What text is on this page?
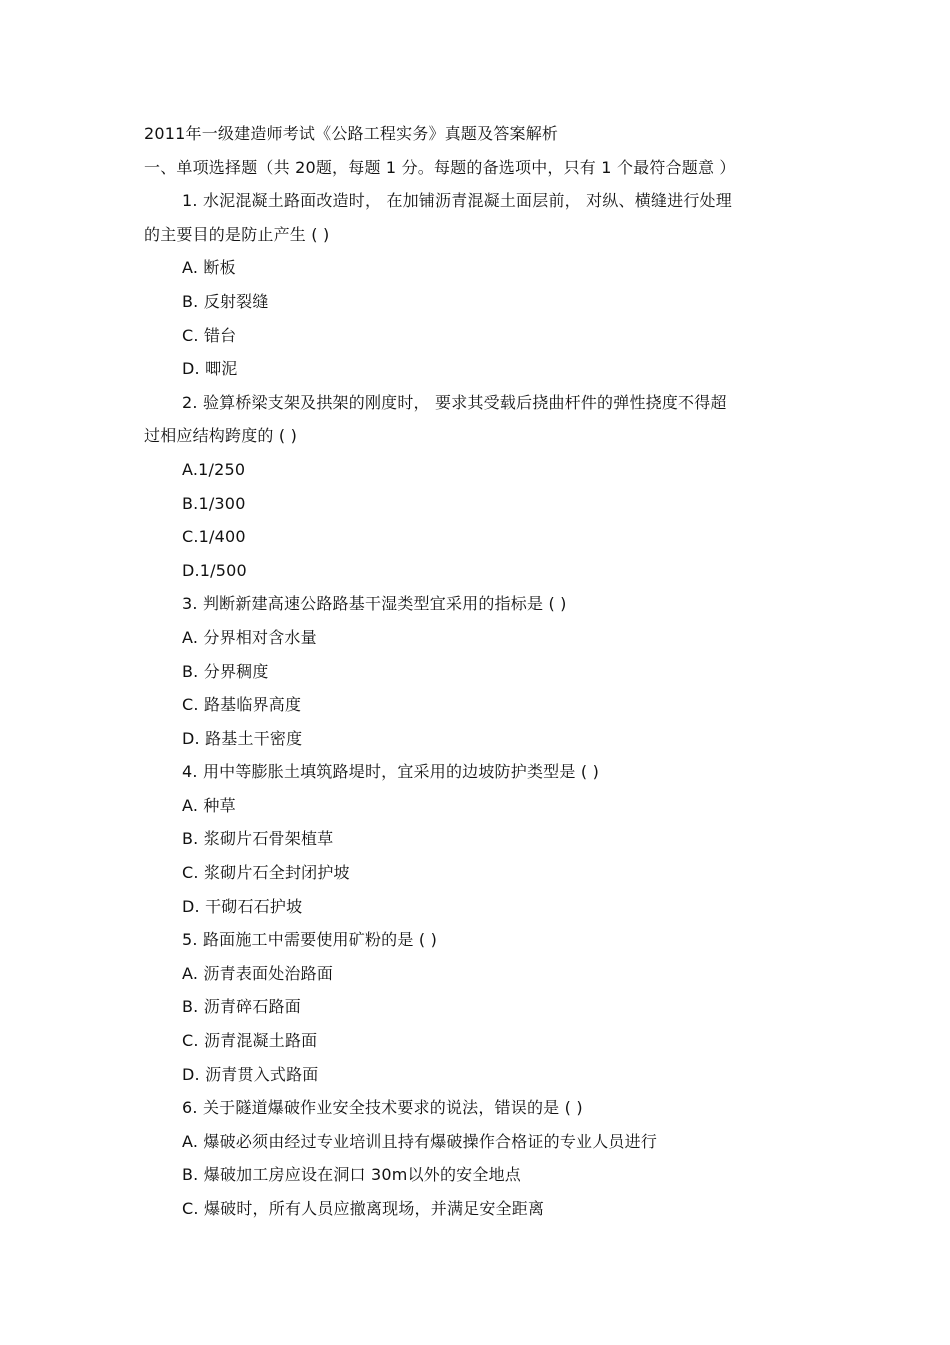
2011年一级建造师考试《公路工程实务》真题及答案解析
一、单项选择题（共 20题，每题 1 分。每题的备选项中，只有 1 个最符合题意 ）
1. 水泥混凝土路面改造时， 在加铺沥青混凝土面层前， 对纵、横缝进行处理
的主要目的是防止产生 ( )
A. 断板
B. 反射裂缝
C. 错台
D. 唧泥
2. 验算桥梁支架及拱架的刚度时， 要求其受载后挠曲杆件的弹性挠度不得超
过相应结构跨度的 ( )
A.1/250
B.1/300
C.1/400
D.1/500
3. 判断新建高速公路路基干湿类型宜采用的指标是 ( )
A. 分界相对含水量
B. 分界稠度
C. 路基临界高度
D. 路基土干密度
4. 用中等膨胀土填筑路堤时，宜采用的边坡防护类型是 ( )
A. 种草
B. 浆砌片石骨架植草
C. 浆砌片石全封闭护坡
D. 干砌石石护坡
5. 路面施工中需要使用矿粉的是 ( )
A. 沥青表面处治路面
B. 沥青碎石路面
C. 沥青混凝土路面
D. 沥青贯入式路面
6. 关于隧道爆破作业安全技术要求的说法，错误的是 ( )
A. 爆破必须由经过专业培训且持有爆破操作合格证的专业人员进行
B. 爆破加工房应设在洞口 30m以外的安全地点
C. 爆破时，所有人员应撤离现场，并满足安全距离
